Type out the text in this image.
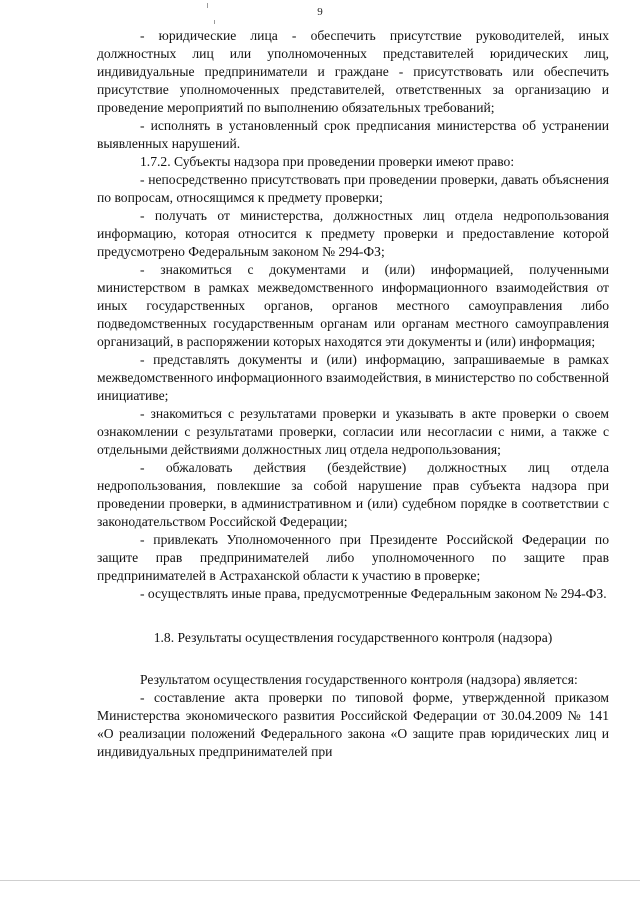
9

- юридические лица - обеспечить присутствие руководителей, иных должностных лиц или уполномоченных представителей юридических лиц, индивидуальные предприниматели и граждане - присутствовать или обеспечить присутствие уполномоченных представителей, ответственных за организацию и проведение мероприятий по выполнению обязательных требований;

- исполнять в установленный срок предписания министерства об устранении выявленных нарушений.

1.7.2. Субъекты надзора при проведении проверки имеют право:

- непосредственно присутствовать при проведении проверки, давать объяснения по вопросам, относящимся к предмету проверки;

- получать от министерства, должностных лиц отдела недропользования информацию, которая относится к предмету проверки и предоставление которой предусмотрено Федеральным законом № 294-ФЗ;

- знакомиться с документами и (или) информацией, полученными министерством в рамках межведомственного информационного взаимодействия от иных государственных органов, органов местного самоуправления либо подведомственных государственным органам или органам местного самоуправления организаций, в распоряжении которых находятся эти документы и (или) информация;

- представлять документы и (или) информацию, запрашиваемые в рамках межведомственного информационного взаимодействия, в министерство по собственной инициативе;

- знакомиться с результатами проверки и указывать в акте проверки о своем ознакомлении с результатами проверки, согласии или несогласии с ними, а также с отдельными действиями должностных лиц отдела недропользования;

- обжаловать действия (бездействие) должностных лиц отдела недропользования, повлекшие за собой нарушение прав субъекта надзора при проведении проверки, в административном и (или) судебном порядке в соответствии с законодательством Российской Федерации;

- привлекать Уполномоченного при Президенте Российской Федерации по защите прав предпринимателей либо уполномоченного по защите прав предпринимателей в Астраханской области к участию в проверке;

- осуществлять иные права, предусмотренные Федеральным законом № 294-ФЗ.

1.8. Результаты осуществления государственного контроля (надзора)

Результатом осуществления государственного контроля (надзора) является:

- составление акта проверки по типовой форме, утвержденной приказом Министерства экономического развития Российской Федерации от 30.04.2009 № 141 «О реализации положений Федерального закона «О защите прав юридических лиц и индивидуальных предпринимателей при
